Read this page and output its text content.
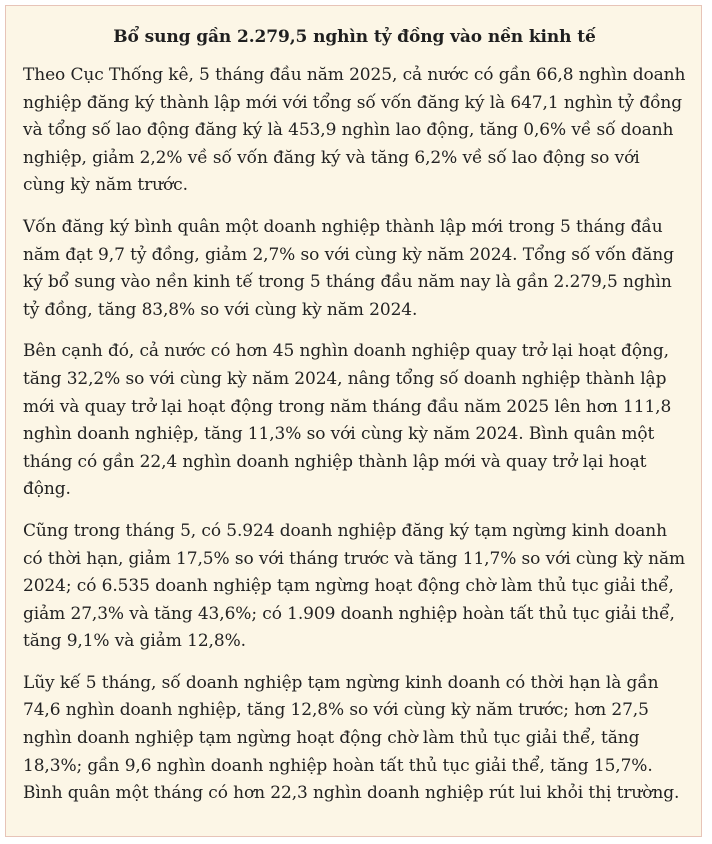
Bổ sung gần 2.279,5 nghìn tỷ đồng vào nền kinh tế

Theo Cục Thống kê, 5 tháng đầu năm 2025, cả nước có gần 66,8 nghìn doanh nghiệp đăng ký thành lập mới với tổng số vốn đăng ký là 647,1 nghìn tỷ đồng và tổng số lao động đăng ký là 453,9 nghìn lao động, tăng 0,6% về số doanh nghiệp, giảm 2,2% về số vốn đăng ký và tăng 6,2% về số lao động so với cùng kỳ năm trước.

Vốn đăng ký bình quân một doanh nghiệp thành lập mới trong 5 tháng đầu năm đạt 9,7 tỷ đồng, giảm 2,7% so với cùng kỳ năm 2024. Tổng số vốn đăng ký bổ sung vào nền kinh tế trong 5 tháng đầu năm nay là gần 2.279,5 nghìn tỷ đồng, tăng 83,8% so với cùng kỳ năm 2024.

Bên cạnh đó, cả nước có hơn 45 nghìn doanh nghiệp quay trở lại hoạt động, tăng 32,2% so với cùng kỳ năm 2024, nâng tổng số doanh nghiệp thành lập mới và quay trở lại hoạt động trong năm tháng đầu năm 2025 lên hơn 111,8 nghìn doanh nghiệp, tăng 11,3% so với cùng kỳ năm 2024. Bình quân một tháng có gần 22,4 nghìn doanh nghiệp thành lập mới và quay trở lại hoạt động.

Cũng trong tháng 5, có 5.924 doanh nghiệp đăng ký tạm ngừng kinh doanh có thời hạn, giảm 17,5% so với tháng trước và tăng 11,7% so với cùng kỳ năm 2024; có 6.535 doanh nghiệp tạm ngừng hoạt động chờ làm thủ tục giải thể, giảm 27,3% và tăng 43,6%; có 1.909 doanh nghiệp hoàn tất thủ tục giải thể, tăng 9,1% và giảm 12,8%.

Lũy kế 5 tháng, số doanh nghiệp tạm ngừng kinh doanh có thời hạn là gần 74,6 nghìn doanh nghiệp, tăng 12,8% so với cùng kỳ năm trước; hơn 27,5 nghìn doanh nghiệp tạm ngừng hoạt động chờ làm thủ tục giải thể, tăng 18,3%; gần 9,6 nghìn doanh nghiệp hoàn tất thủ tục giải thể, tăng 15,7%. Bình quân một tháng có hơn 22,3 nghìn doanh nghiệp rút lui khỏi thị trường.
